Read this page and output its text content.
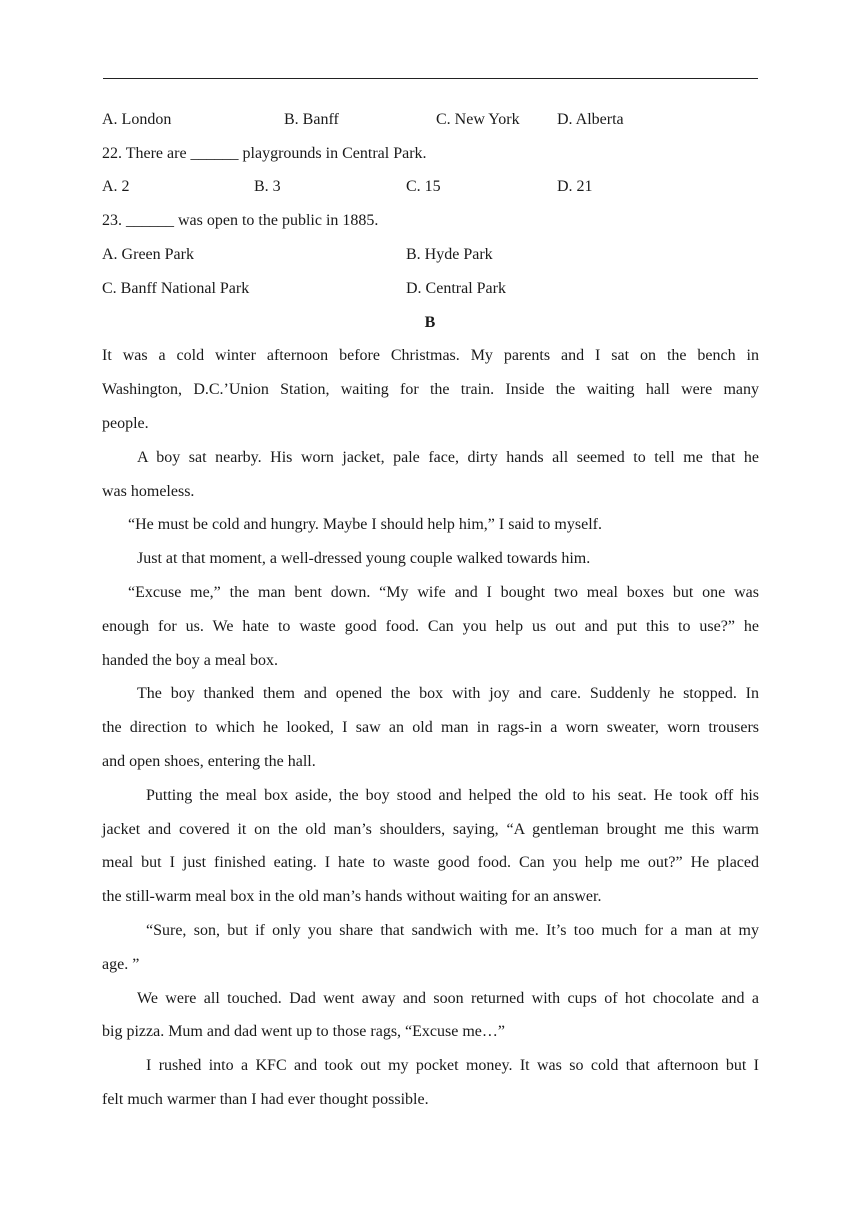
A. London	B. Banff	C. New York D. Alberta
22. There are ______ playgrounds in Central Park.
A. 2	B. 3	C. 15	D. 21
23. ______ was open to the public in 1885.
A. Green Park	B. Hyde Park
C. Banff National Park	D. Central Park
B
It was a cold winter afternoon before Christmas. My parents and I sat on the bench in
Washington, D.C.’Union Station, waiting for the train. Inside the waiting hall were many
people.
A boy sat nearby. His worn jacket, pale face, dirty hands all seemed to tell me that he
was homeless.
“He must be cold and hungry. Maybe I should help him,” I said to myself.
Just at that moment, a well-dressed young couple walked towards him.
“Excuse me,” the man bent down. “My wife and I bought two meal boxes but one was
enough for us. We hate to waste good food. Can you help us out and put this to use?” he
handed the boy a meal box.
The boy thanked them and opened the box with joy and care. Suddenly he stopped. In
the direction to which he looked, I saw an old man in rags-in a worn sweater, worn trousers
and open shoes, entering the hall.
Putting the meal box aside, the boy stood and helped the old to his seat. He took off his
jacket and covered it on the old man’s shoulders, saying, “A gentleman brought me this warm
meal but I just finished eating. I hate to waste good food. Can you help me out?” He placed
the still-warm meal box in the old man’s hands without waiting for an answer.
“Sure, son, but if only you share that sandwich with me. It’s too much for a man at my
age. ”
We were all touched. Dad went away and soon returned with cups of hot chocolate and a
big pizza. Mum and dad went up to those rags, “Excuse me…”
I rushed into a KFC and took out my pocket money. It was so cold that afternoon but I
felt much warmer than I had ever thought possible.
